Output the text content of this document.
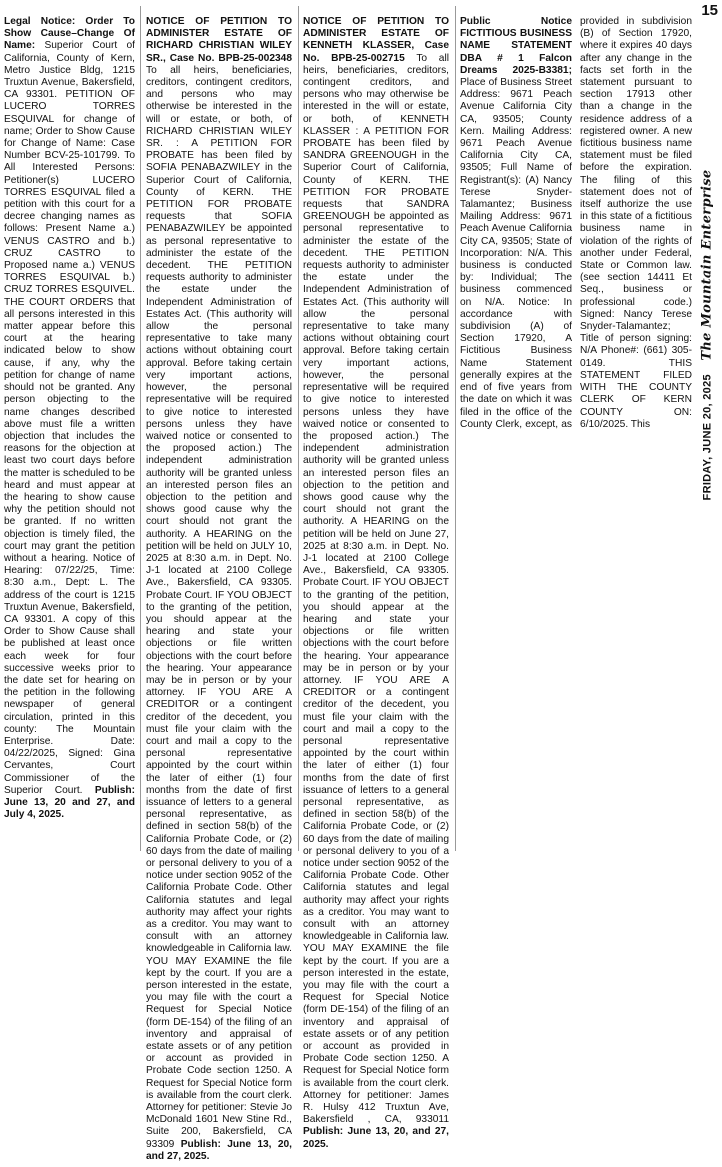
15

Legal Notice: Order To Show Cause–Change Of Name: Superior Court of California, County of Kern, Metro Justice Bldg, 1215 Truxtun Avenue, Bakersfield, CA 93301. PETITION OF LUCERO TORRES ESQUIVAL for change of name; Order to Show Cause for Change of Name: Case Number BCV-25-101799. To All Interested Persons: Petitioner(s) LUCERO TORRES ESQUIVAL filed a petition with this court for a decree changing names as follows: Present Name a.) VENUS CASTRO and b.) CRUZ CASTRO to Proposed name a.) VENUS TORRES ESQUIVAL b.) CRUZ TORRES ESQUIVEL. THE COURT ORDERS that all persons interested in this matter appear before this court at the hearing indicated below to show cause, if any, why the petition for change of name should not be granted. Any person objecting to the name changes described above must file a written objection that includes the reasons for the objection at least two court days before the matter is scheduled to be heard and must appear at the hearing to show cause why the petition should not be granted. If no written objection is timely filed, the court may grant the petition without a hearing. Notice of Hearing: 07/22/25, Time: 8:30 a.m., Dept: L. The address of the court is 1215 Truxtun Avenue, Bakersfield, CA 93301. A copy of this Order to Show Cause shall be published at least once each week for four successive weeks prior to the date set for hearing on the petition in the following newspaper of general circulation, printed in this county: The Mountain Enterprise. Date: 04/22/2025, Signed: Gina Cervantes, Court Commissioner of the Superior Court. Publish: June 13, 20 and 27, and July 4, 2025.

NOTICE OF PETITION TO ADMINISTER ESTATE OF RICHARD CHRISTIAN WILEY SR., Case No. BPB-25-002348 To all heirs, beneficiaries, creditors, contingent creditors, and persons who may otherwise be interested in the will or estate, or both, of RICHARD CHRISTIAN WILEY SR. : A PETITION FOR PROBATE has been filed by SOFIA PENABAZWILEY in the Superior Court of California, County of KERN. THE PETITION FOR PROBATE requests that SOFIA PENABAZWILEY be appointed as personal representative to administer the estate of the decedent. THE PETITION requests authority to administer the estate under the Independent Administration of Estates Act. (This authority will allow the personal representative to take many actions without obtaining court approval. Before taking certain very important actions, however, the personal representative will be required to give notice to interested persons unless they have waived notice or consented to the proposed action.) The independent administration authority will be granted unless an interested person files an objection to the petition and shows good cause why the court should not grant the authority. A HEARING on the petition will be held on JULY 10, 2025 at 8:30 a.m. in Dept. No. J-1 located at 2100 College Ave., Bakersfield, CA 93305. Probate Court. IF YOU OBJECT to the granting of the petition, you should appear at the hearing and state your objections or file written objections with the court before the hearing. Your appearance may be in person or by your attorney. IF YOU ARE A CREDITOR or a contingent creditor of the decedent, you must file your claim with the court and mail a copy to the personal representative appointed by the court within the later of either (1) four months from the date of first issuance of letters to a general personal representative, as defined in section 58(b) of the California Probate Code, or (2) 60 days from the date of mailing or personal delivery to you of a notice under section 9052 of the California Probate Code. Other California statutes and legal authority may affect your rights as a creditor. You may want to consult with an attorney knowledgeable in California law. YOU MAY EXAMINE the file kept by the court. If you are a person interested in the estate, you may file with the court a Request for Special Notice (form DE-154) of the filing of an inventory and appraisal of estate assets or of any petition or account as provided in Probate Code section 1250. A Request for Special Notice form is available from the court clerk. Attorney for petitioner: Stevie Jo McDonald 1601 New Stine Rd., Suite 200, Bakersfield, CA 93309 Publish: June 13, 20, and 27, 2025.

NOTICE OF PETITION TO ADMINISTER ESTATE OF KENNETH KLASSER, Case No. BPB-25-002715 To all heirs, beneficiaries, creditors, contingent creditors, and persons who may otherwise be interested in the will or estate, or both, of KENNETH KLASSER : A PETITION FOR PROBATE has been filed by SANDRA GREENOUGH in the Superior Court of California, County of KERN. THE PETITION FOR PROBATE requests that SANDRA GREENOUGH be appointed as personal representative to administer the estate of the decedent. THE PETITION requests authority to administer the estate under the Independent Administration of Estates Act. (This authority will allow the personal representative to take many actions without obtaining court approval. Before taking certain very important actions, however, the personal representative will be required to give notice to interested persons unless they have waived notice or consented to the proposed action.) The independent administration authority will be granted unless an interested person files an objection to the petition and shows good cause why the court should not grant the authority. A HEARING on the petition will be held on June 27, 2025 at 8:30 a.m. in Dept. No. J-1 located at 2100 College Ave., Bakersfield, CA 93305. Probate Court. IF YOU OBJECT to the granting of the petition, you should appear at the hearing and state your objections or file written objections with the court before the hearing. Your appearance may be in person or by your attorney. IF YOU ARE A CREDITOR or a contingent creditor of the decedent, you must file your claim with the court and mail a copy to the personal representative appointed by the court within the later of either (1) four months from the date of first issuance of letters to a general personal representative, as defined in section 58(b) of the California Probate Code, or (2) 60 days from the date of mailing or personal delivery to you of a notice under section 9052 of the California Probate Code. Other California statutes and legal authority may affect your rights as a creditor. You may want to consult with an attorney knowledgeable in California law. YOU MAY EXAMINE the file kept by the court. If you are a person interested in the estate, you may file with the court a Request for Special Notice (form DE-154) of the filing of an inventory and appraisal of estate assets or of any petition or account as provided in Probate Code section 1250. A Request for Special Notice form is available from the court clerk. Attorney for petitioner: James R. Hulsy 412 Truxtun Ave, Bakersfield , CA, 933011 Publish: June 13, 20, and 27, 2025.

Public Notice FICTITIOUS BUSINESS NAME STATEMENT DBA # 1 Falcon Dreams 2025-B3381; Place of Business Street Address: 9671 Peach Avenue California City CA, 93505; County Kern. Mailing Address: 9671 Peach Avenue California City CA, 93505; Full Name of Registrant(s): (A) Nancy Terese Snyder-Talamantez; Business Mailing Address: 9671 Peach Avenue California City CA, 93505; State of Incorporation: N/A. This business is conducted by: Individual; The business commenced on N/A. Notice: In accordance with subdivision (A) of Section 17920, A Fictitious Business Name Statement generally expires at the end of five years from the date on which it was filed in the office of the County Clerk, except, as provided in subdivision (B) of Section 17920, where it expires 40 days after any change in the facts set forth in the statement pursuant to section 17913 other than a change in the residence address of a registered owner. A new fictitious business name statement must be filed before the expiration. The filing of this statement does not of itself authorize the use in this state of a fictitious business name in violation of the rights of another under Federal, State or Common law. (see section 14411 Et Seq., business or professional code.) Signed: Nancy Terese Snyder-Talamantez; Title of person signing: N/A Phone#: (661) 305-0149. THIS STATEMENT FILED WITH THE COUNTY CLERK OF KERN COUNTY ON: 6/10/2025. This	FRIDAY, JUNE 20, 2025    The Mountain Enterprise
